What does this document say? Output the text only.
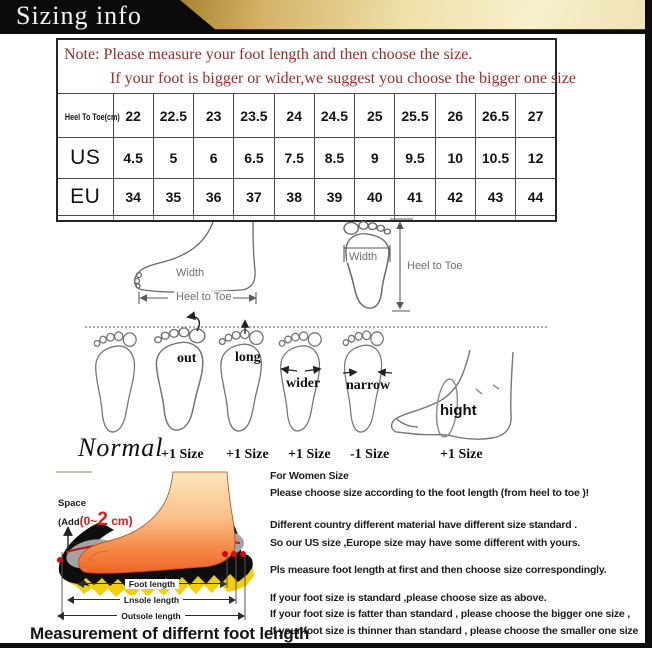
Sizing info
Note: Please measure your foot length and then choose the size.
If your foot is bigger or wider,we suggest you choose the bigger one size											

Heel To Toe(cm)	22	22.5	23	23.5	24	24.5	25	25.5	26	26.5	27
US	4.5	5	6	6.5	7.5	8.5	9	9.5	10	10.5	12
EU	34	35	36	37	38	39	40	41	42	43	44

Width
Heel to Toe
Width
Heel to Toe
out	long
wider narrow
hight
Normal
+1 Size +1 Size +1 Size -1 Size	+1 Size
Space
(Add(0~2 cm)
Foot length
Lnsole length
Outsole length
Measurement of differnt foot length
For Women Size
Please choose size according to the foot length (from heel to toe )!
Different country different material have different size standard .
So our US size ,Europe size may have some different with yours.
Pls measure foot length at first and then choose size correspondingly.
If your foot size is standard ,please choose size as above.
If your foot size is fatter than standard , please choose the bigger one size ,
If your foot size is thinner than standard , please choose the smaller one size
